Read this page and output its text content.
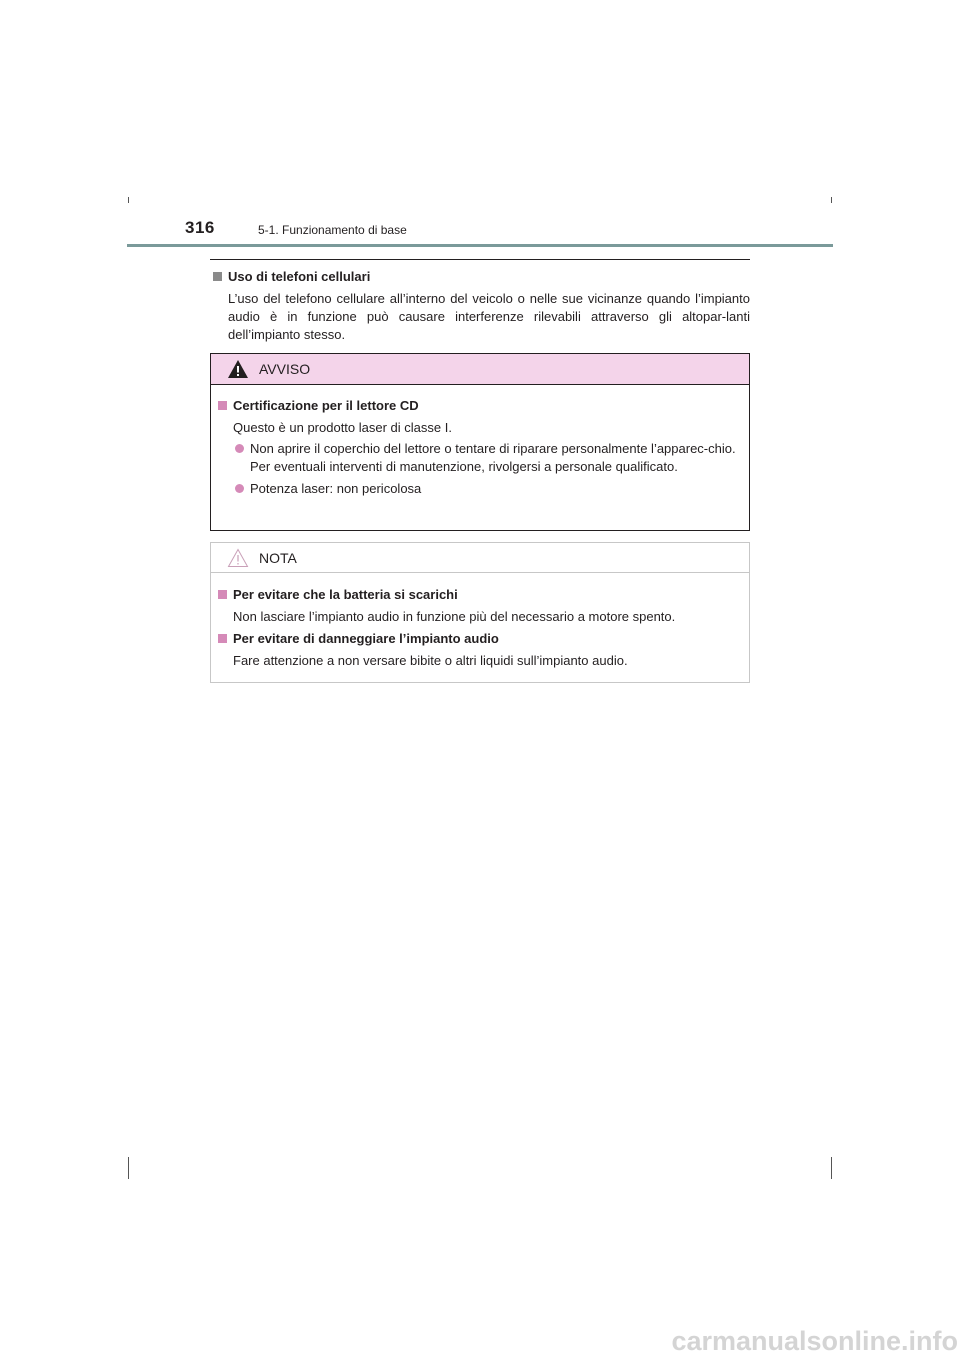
316	5-1. Funzionamento di base
Uso di telefoni cellulari
L’uso del telefono cellulare all’interno del veicolo o nelle sue vicinanze quando l’impianto audio è in funzione può causare interferenze rilevabili attraverso gli altopar-lanti dell’impianto stesso.
AVVISO
Certificazione per il lettore CD
Questo è un prodotto laser di classe I.
Non aprire il coperchio del lettore o tentare di riparare personalmente l’apparec-chio.
Per eventuali interventi di manutenzione, rivolgersi a personale qualificato.
Potenza laser: non pericolosa
NOTA
Per evitare che la batteria si scarichi
Non lasciare l’impianto audio in funzione più del necessario a motore spento.
Per evitare di danneggiare l’impianto audio
Fare attenzione a non versare bibite o altri liquidi sull’impianto audio.
carmanualsonline.info
